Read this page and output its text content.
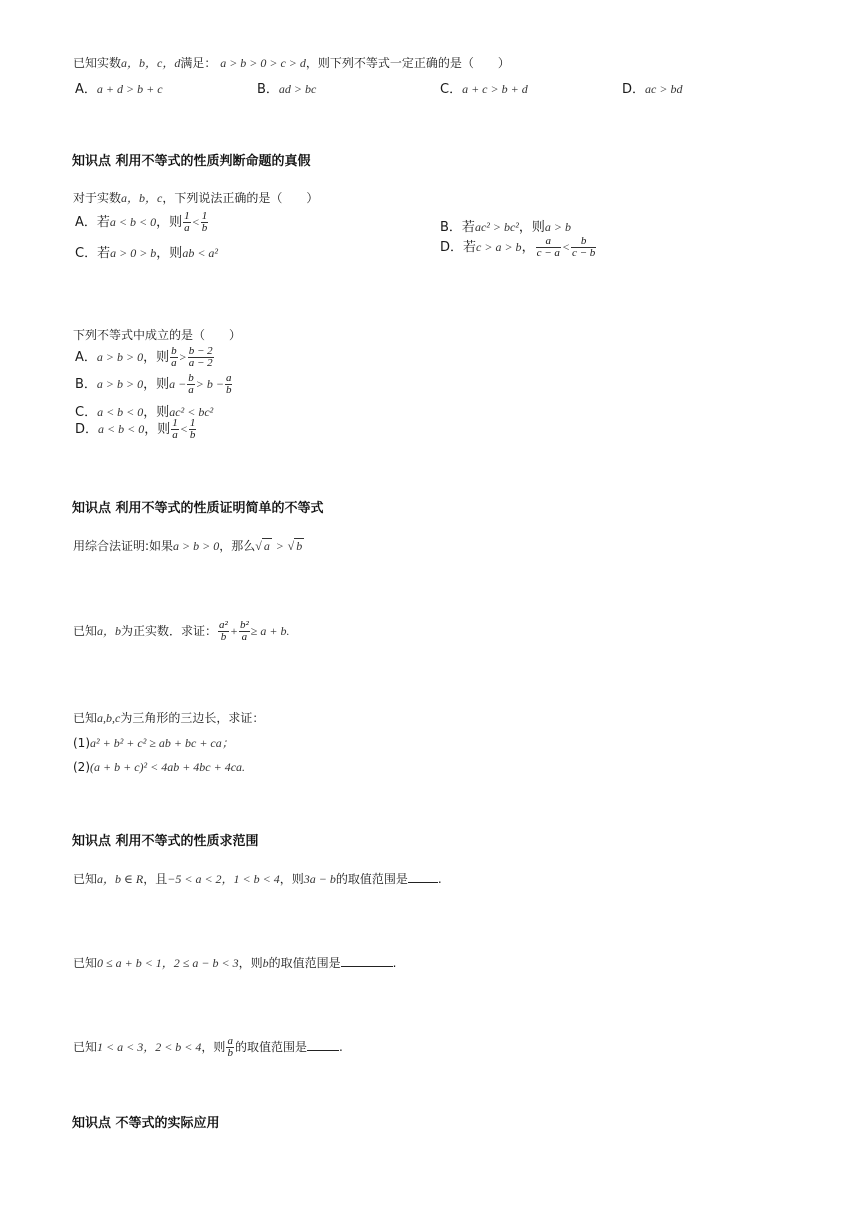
已知实数a，b，c，d满足： a > b > 0 > c > d，则下列不等式一定正确的是（　　）
A．a + d > b + c	B．ad > bc	C．a + c > b + d	D．ac > bd
知识点 利用不等式的性质判断命题的真假
对于实数a，b，c，下列说法正确的是（　　）
A．若a < b < 0，则 $\frac{1}{a} < \frac{1}{b}$	B．若ac² > bc²，则a > b
C．若a > 0 > b，则ab < a²	D．若c > a > b， $\frac{a}{c - a} < \frac{b}{c - b}$
下列不等式中成立的是（　　）
A．a > b > 0，则 $\frac{b}{a} > \frac{b - 2}{a - 2}$
B．a > b > 0，则$a - \frac{b}{a} > b - \frac{a}{b}$
C．a < b < 0，则ac² < bc²
D．a < b < 0，则 $\frac{1}{a} < \frac{1}{b}$
知识点 利用不等式的性质证明简单的不等式
用综合法证明:如果a > b > 0，那么√ a > √ b
已知a，b为正实数．求证： $\frac{\text{a²}}{b} + \frac{\text{b²}}{a} \ge a + b$.
已知a,b,c为三角形的三边长，求证：
(1)a² + b² + c² ≥ ab + bc + ca；
(2)(a + b + c)² < 4ab + 4bc + 4ca.
知识点 利用不等式的性质求范围
已知a，b ∈ R，且−5 < a < 2，1 < b < 4，则3a − b的取值范围是	.
已知0 ≤ a + b < 1，2 ≤ a − b < 3，则b的取值范围是	.
已知1 < a < 3，2 < b < 4，则 $\frac{a}{b}$ 的取值范围是	.
知识点 不等式的实际应用
